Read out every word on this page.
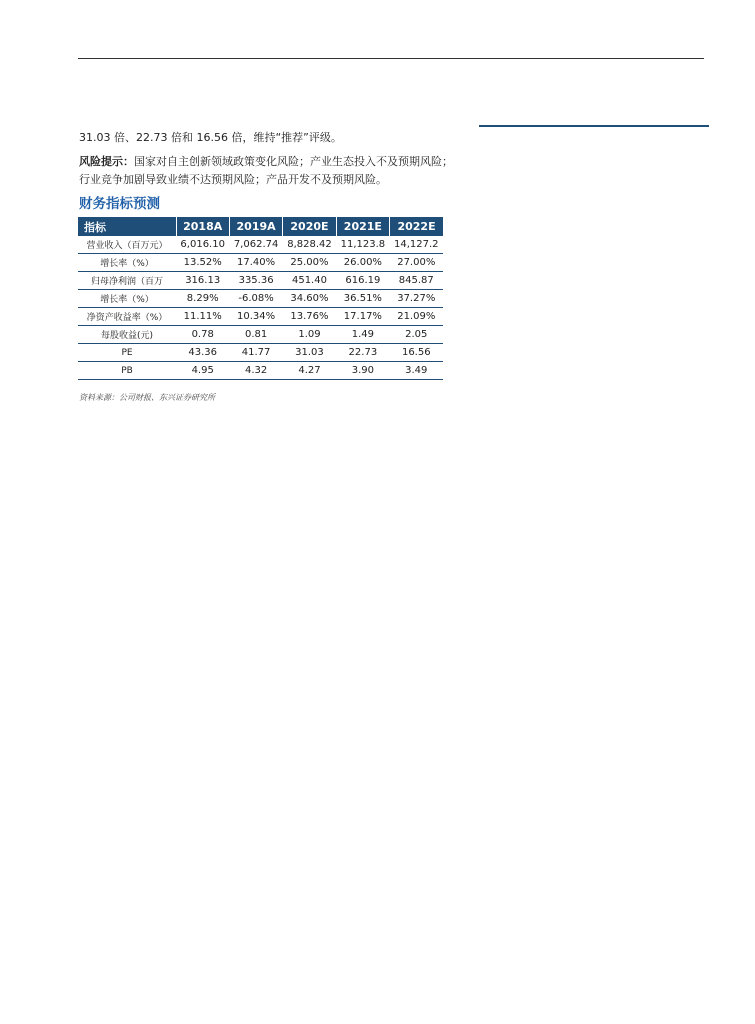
31.03 倍、22.73 倍和 16.56 倍，维持“推荐”评级。
风险提示：国家对自主创新领域政策变化风险；产业生态投入不及预期风险；
行业竞争加剧导致业绩不达预期风险；产品开发不及预期风险。
财务指标预测
指标	2018A	2019A	2020E	2021E	2022E
营业收入（百万元）	6,016.10	7,062.74	8,828.42	11,123.8	14,127.2
增长率（%）	13.52%	17.40%	25.00%	26.00%	27.00%
归母净利润（百万	316.13	335.36	451.40	616.19	845.87
增长率（%）	8.29%	-6.08%	34.60%	36.51%	37.27%
净资产收益率（%）	11.11%	10.34%	13.76%	17.17%	21.09%
每股收益(元)	0.78	0.81	1.09	1.49	2.05
PE	43.36	41.77	31.03	22.73	16.56
PB	4.95	4.32	4.27	3.90	3.49
资料来源：公司财报、东兴证券研究所
